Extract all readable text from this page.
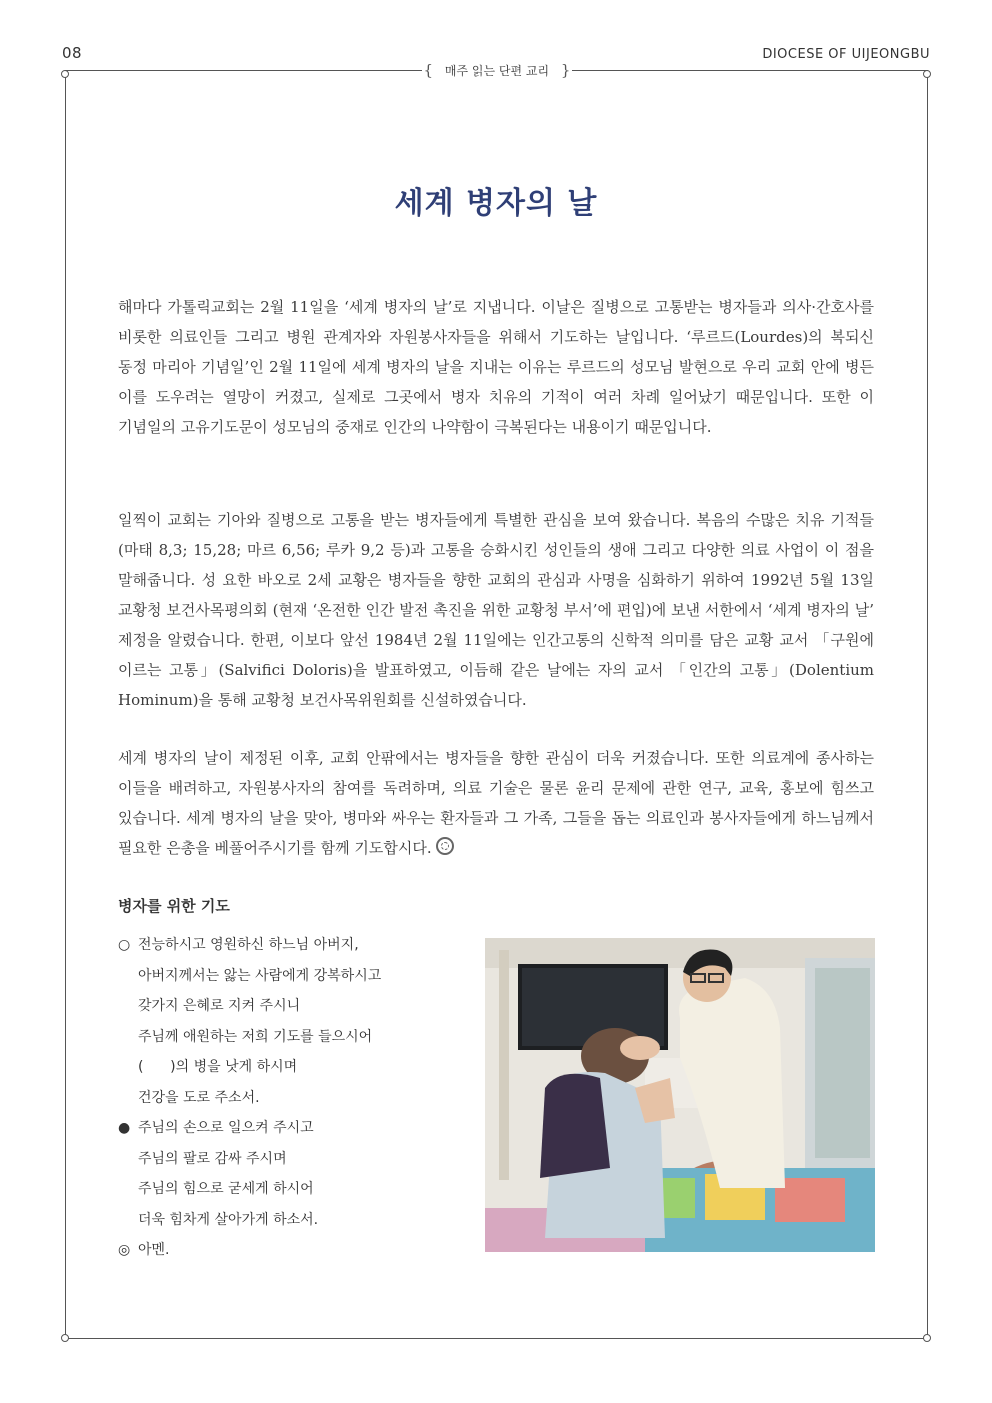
08	DIOCESE OF UIJEONGBU
{ 매주 읽는 단편 교리 }
세계 병자의 날

해마다 가톨릭교회는 2월 11일을 ‘세계 병자의 날’로 지냅니다. 이날은 질병으로 고통받는 병자들과 의사·간호사를 비롯한 의료인들 그리고 병원 관계자와 자원봉사자들을 위해서 기도하는 날입니다. ‘루르드(Lourdes)의 복되신 동정 마리아 기념일’인 2월 11일에 세계 병자의 날을 지내는 이유는 루르드의 성모님 발현으로 우리 교회 안에 병든 이를 도우려는 열망이 커졌고, 실제로 그곳에서 병자 치유의 기적이 여러 차례 일어났기 때문입니다. 또한 이 기념일의 고유기도문이 성모님의 중재로 인간의 나약함이 극복된다는 내용이기 때문입니다.

일찍이 교회는 기아와 질병으로 고통을 받는 병자들에게 특별한 관심을 보여 왔습니다. 복음의 수많은 치유 기적들(마태 8,3; 15,28; 마르 6,56; 루카 9,2 등)과 고통을 승화시킨 성인들의 생애 그리고 다양한 의료 사업이 이 점을 말해줍니다. 성 요한 바오로 2세 교황은 병자들을 향한 교회의 관심과 사명을 심화하기 위하여 1992년 5월 13일 교황청 보건사목평의회 (현재 ‘온전한 인간 발전 촉진을 위한 교황청 부서’에 편입)에 보낸 서한에서 ‘세계 병자의 날’ 제정을 알렸습니다. 한편, 이보다 앞선 1984년 2월 11일에는 인간고통의 신학적 의미를 담은 교황 교서 「구원에 이르는 고통」(Salvifici Doloris)을 발표하였고, 이듬해 같은 날에는 자의 교서 「인간의 고통」(Dolentium Hominum)을 통해 교황청 보건사목위원회를 신설하였습니다.

세계 병자의 날이 제정된 이후, 교회 안팎에서는 병자들을 향한 관심이 더욱 커졌습니다. 또한 의료계에 종사하는 이들을 배려하고, 자원봉사자의 참여를 독려하며, 의료 기술은 물론 윤리 문제에 관한 연구, 교육, 홍보에 힘쓰고 있습니다. 세계 병자의 날을 맞아, 병마와 싸우는 환자들과 그 가족, 그들을 돕는 의료인과 봉사자들에게 하느님께서 필요한 은총을 베풀어주시기를 함께 기도합시다.

병자를 위한 기도
○ 전능하시고 영원하신 하느님 아버지,
아버지께서는 앓는 사람에게 강복하시고
갖가지 은혜로 지켜 주시니
주님께 애원하는 저희 기도를 들으시어
(      )의 병을 낫게 하시며
건강을 도로 주소서.
● 주님의 손으로 일으켜 주시고
주님의 팔로 감싸 주시며
주님의 힘으로 굳세게 하시어
더욱 힘차게 살아가게 하소서.
◎ 아멘.
